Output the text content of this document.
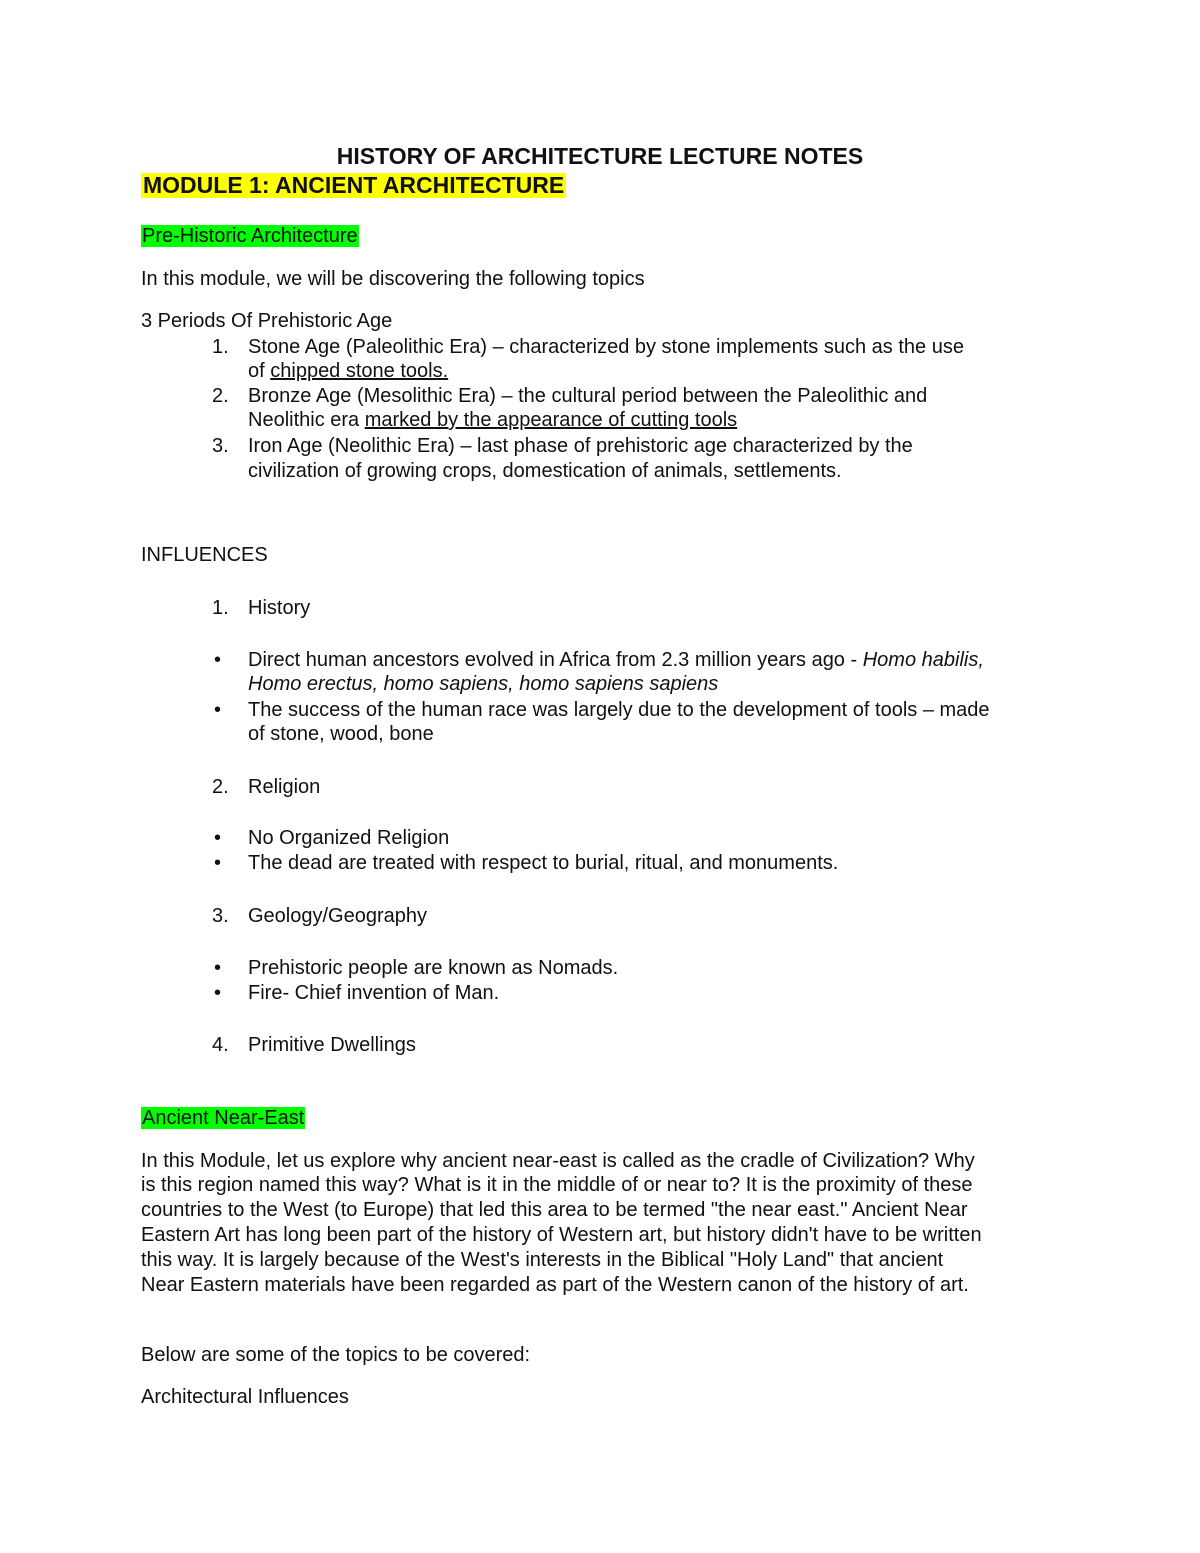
HISTORY OF ARCHITECTURE LECTURE NOTES
MODULE 1: ANCIENT ARCHITECTURE
Pre-Historic Architecture
In this module, we will be discovering the following topics
3 Periods Of Prehistoric Age
1. Stone Age (Paleolithic Era) – characterized by stone implements such as the use
of chipped stone tools.
2. Bronze Age (Mesolithic Era) – the cultural period between the Paleolithic and
Neolithic era marked by the appearance of cutting tools
3. Iron Age (Neolithic Era) – last phase of prehistoric age characterized by the
civilization of growing crops, domestication of animals, settlements.
INFLUENCES
1. History
• Direct human ancestors evolved in Africa from 2.3 million years ago - Homo habilis,
Homo erectus, homo sapiens, homo sapiens sapiens
• The success of the human race was largely due to the development of tools – made
of stone, wood, bone
2. Religion
• No Organized Religion
• The dead are treated with respect to burial, ritual, and monuments.
3. Geology/Geography
• Prehistoric people are known as Nomads.
• Fire- Chief invention of Man.
4. Primitive Dwellings
Ancient Near-East
In this Module, let us explore why ancient near-east is called as the cradle of Civilization? Why
is this region named this way? What is it in the middle of or near to? It is the proximity of these
countries to the West (to Europe) that led this area to be termed "the near east." Ancient Near
Eastern Art has long been part of the history of Western art, but history didn't have to be written
this way. It is largely because of the West's interests in the Biblical "Holy Land" that ancient
Near Eastern materials have been regarded as part of the Western canon of the history of art.
Below are some of the topics to be covered:
Architectural Influences
